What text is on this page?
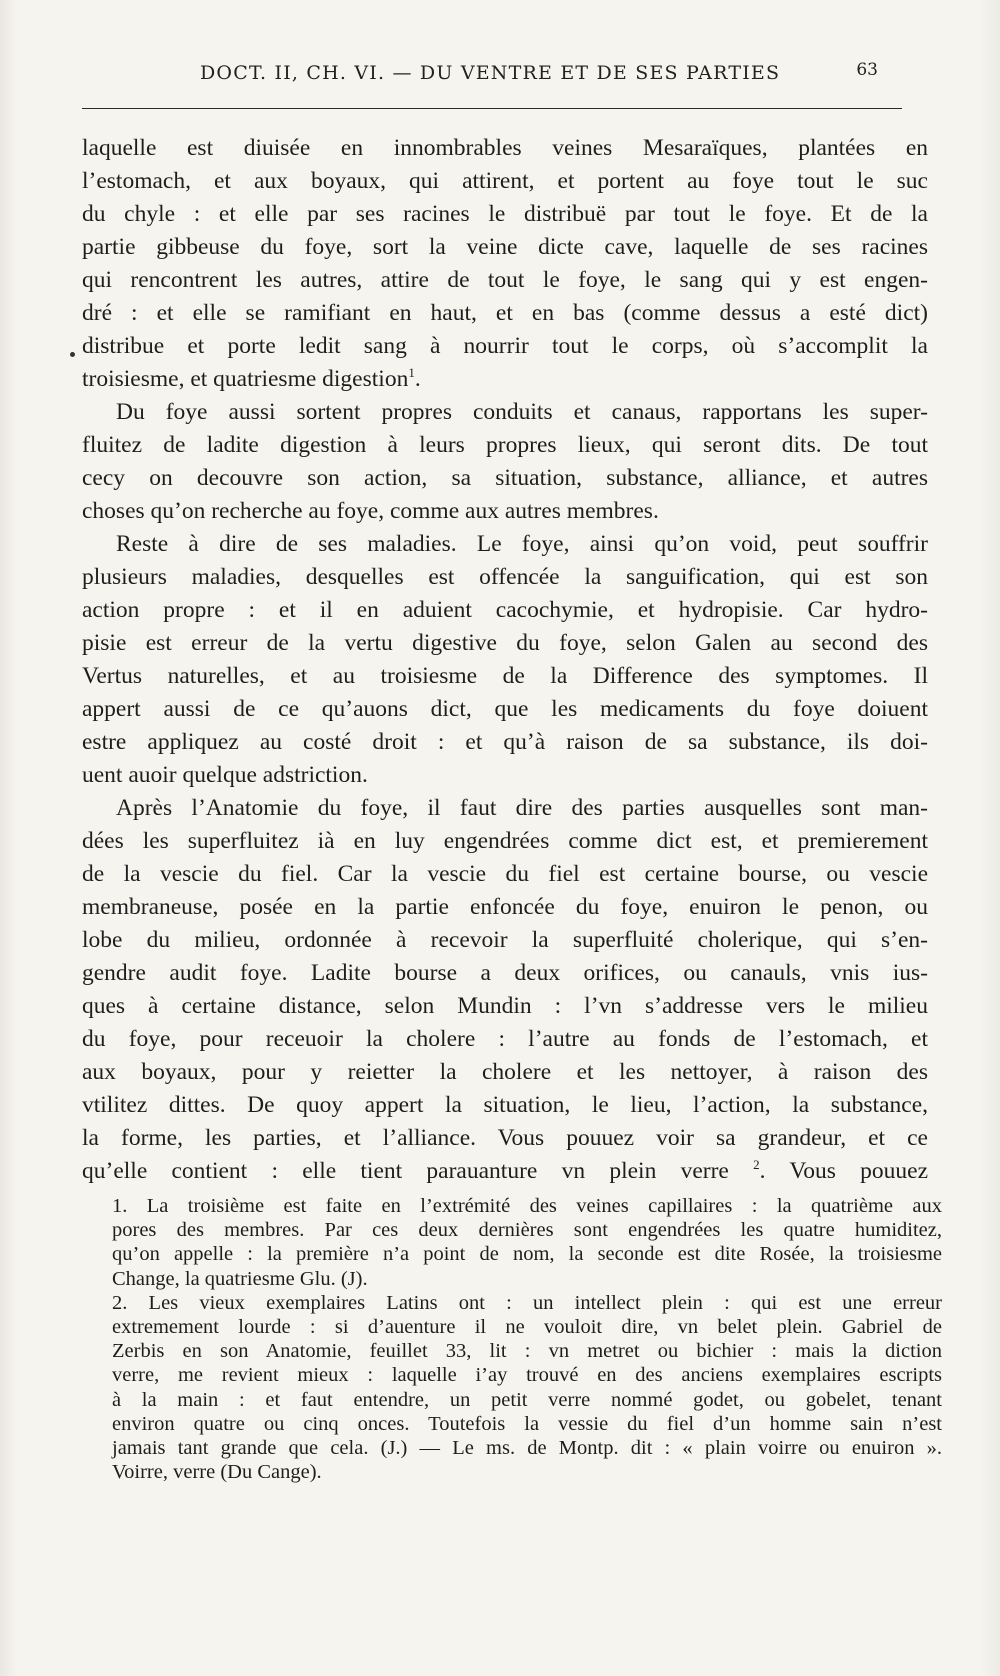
DOCT. II, CH. VI. — DU VENTRE ET DE SES PARTIES	63

laquelle est diuisée en innombrables veines Mesaraïques, plantées en
l’estomach, et aux boyaux, qui attirent, et portent au foye tout le suc
du chyle : et elle par ses racines le distribuë par tout le foye. Et de la
partie gibbeuse du foye, sort la veine dicte cave, laquelle de ses racines
qui rencontrent les autres, attire de tout le foye, le sang qui y est engen-
dré : et elle se ramifiant en haut, et en bas (comme dessus a esté dict)
distribue et porte ledit sang à nourrir tout le corps, où s’accomplit la
troisiesme, et quatriesme digestion$^1$.

Du foye aussi sortent propres conduits et canaus, rapportans les super-
fluitez de ladite digestion à leurs propres lieux, qui seront dits. De tout
cecy on decouvre son action, sa situation, substance, alliance, et autres
choses qu’on recherche au foye, comme aux autres membres.

Reste à dire de ses maladies. Le foye, ainsi qu’on void, peut souffrir
plusieurs maladies, desquelles est offencée la sanguification, qui est son
action propre : et il en aduient cacochymie, et hydropisie. Car hydro-
pisie est erreur de la vertu digestive du foye, selon Galen au second des
Vertus naturelles, et au troisiesme de la Difference des symptomes. Il
appert aussi de ce qu’auons dict, que les medicaments du foye doiuent
estre appliquez au costé droit : et qu’à raison de sa substance, ils doi-
uent auoir quelque adstriction.

Après l’Anatomie du foye, il faut dire des parties ausquelles sont man-
dées les superfluitez ià en luy engendrées comme dict est, et premierement
de la vescie du fiel. Car la vescie du fiel est certaine bourse, ou vescie
membraneuse, posée en la partie enfoncée du foye, enuiron le penon, ou
lobe du milieu, ordonnée à recevoir la superfluité cholerique, qui s’en-
gendre audit foye. Ladite bourse a deux orifices, ou canauls, vnis ius-
ques à certaine distance, selon Mundin : l’vn s’addresse vers le milieu
du foye, pour receuoir la cholere : l’autre au fonds de l’estomach, et
aux boyaux, pour y reietter la cholere et les nettoyer, à raison des
vtilitez dittes. De quoy appert la situation, le lieu, l’action, la substance,
la forme, les parties, et l’alliance. Vous pouuez voir sa grandeur, et ce
qu’elle contient : elle tient parauanture vn plein verre $^2$. Vous pouuez

1. La troisième est faite en l’extrémité des veines capillaires : la quatrième aux
pores des membres. Par ces deux dernières sont engendrées les quatre humiditez,
qu’on appelle : la première n’a point de nom, la seconde est dite Rosée, la troisiesme
Change, la quatriesme Glu. (J).
2. Les vieux exemplaires Latins ont : un intellect plein : qui est une erreur
extremement lourde : si d’auenture il ne vouloit dire, vn belet plein. Gabriel de
Zerbis en son Anatomie, feuillet 33, lit : vn metret ou bichier : mais la diction
verre, me revient mieux : laquelle i’ay trouvé en des anciens exemplaires escripts
à la main : et faut entendre, un petit verre nommé godet, ou gobelet, tenant
environ quatre ou cinq onces. Toutefois la vessie du fiel d’un homme sain n’est
jamais tant grande que cela. (J.) — Le ms. de Montp. dit : « plain voirre ou enuiron ».
Voirre, verre (Du Cange).
